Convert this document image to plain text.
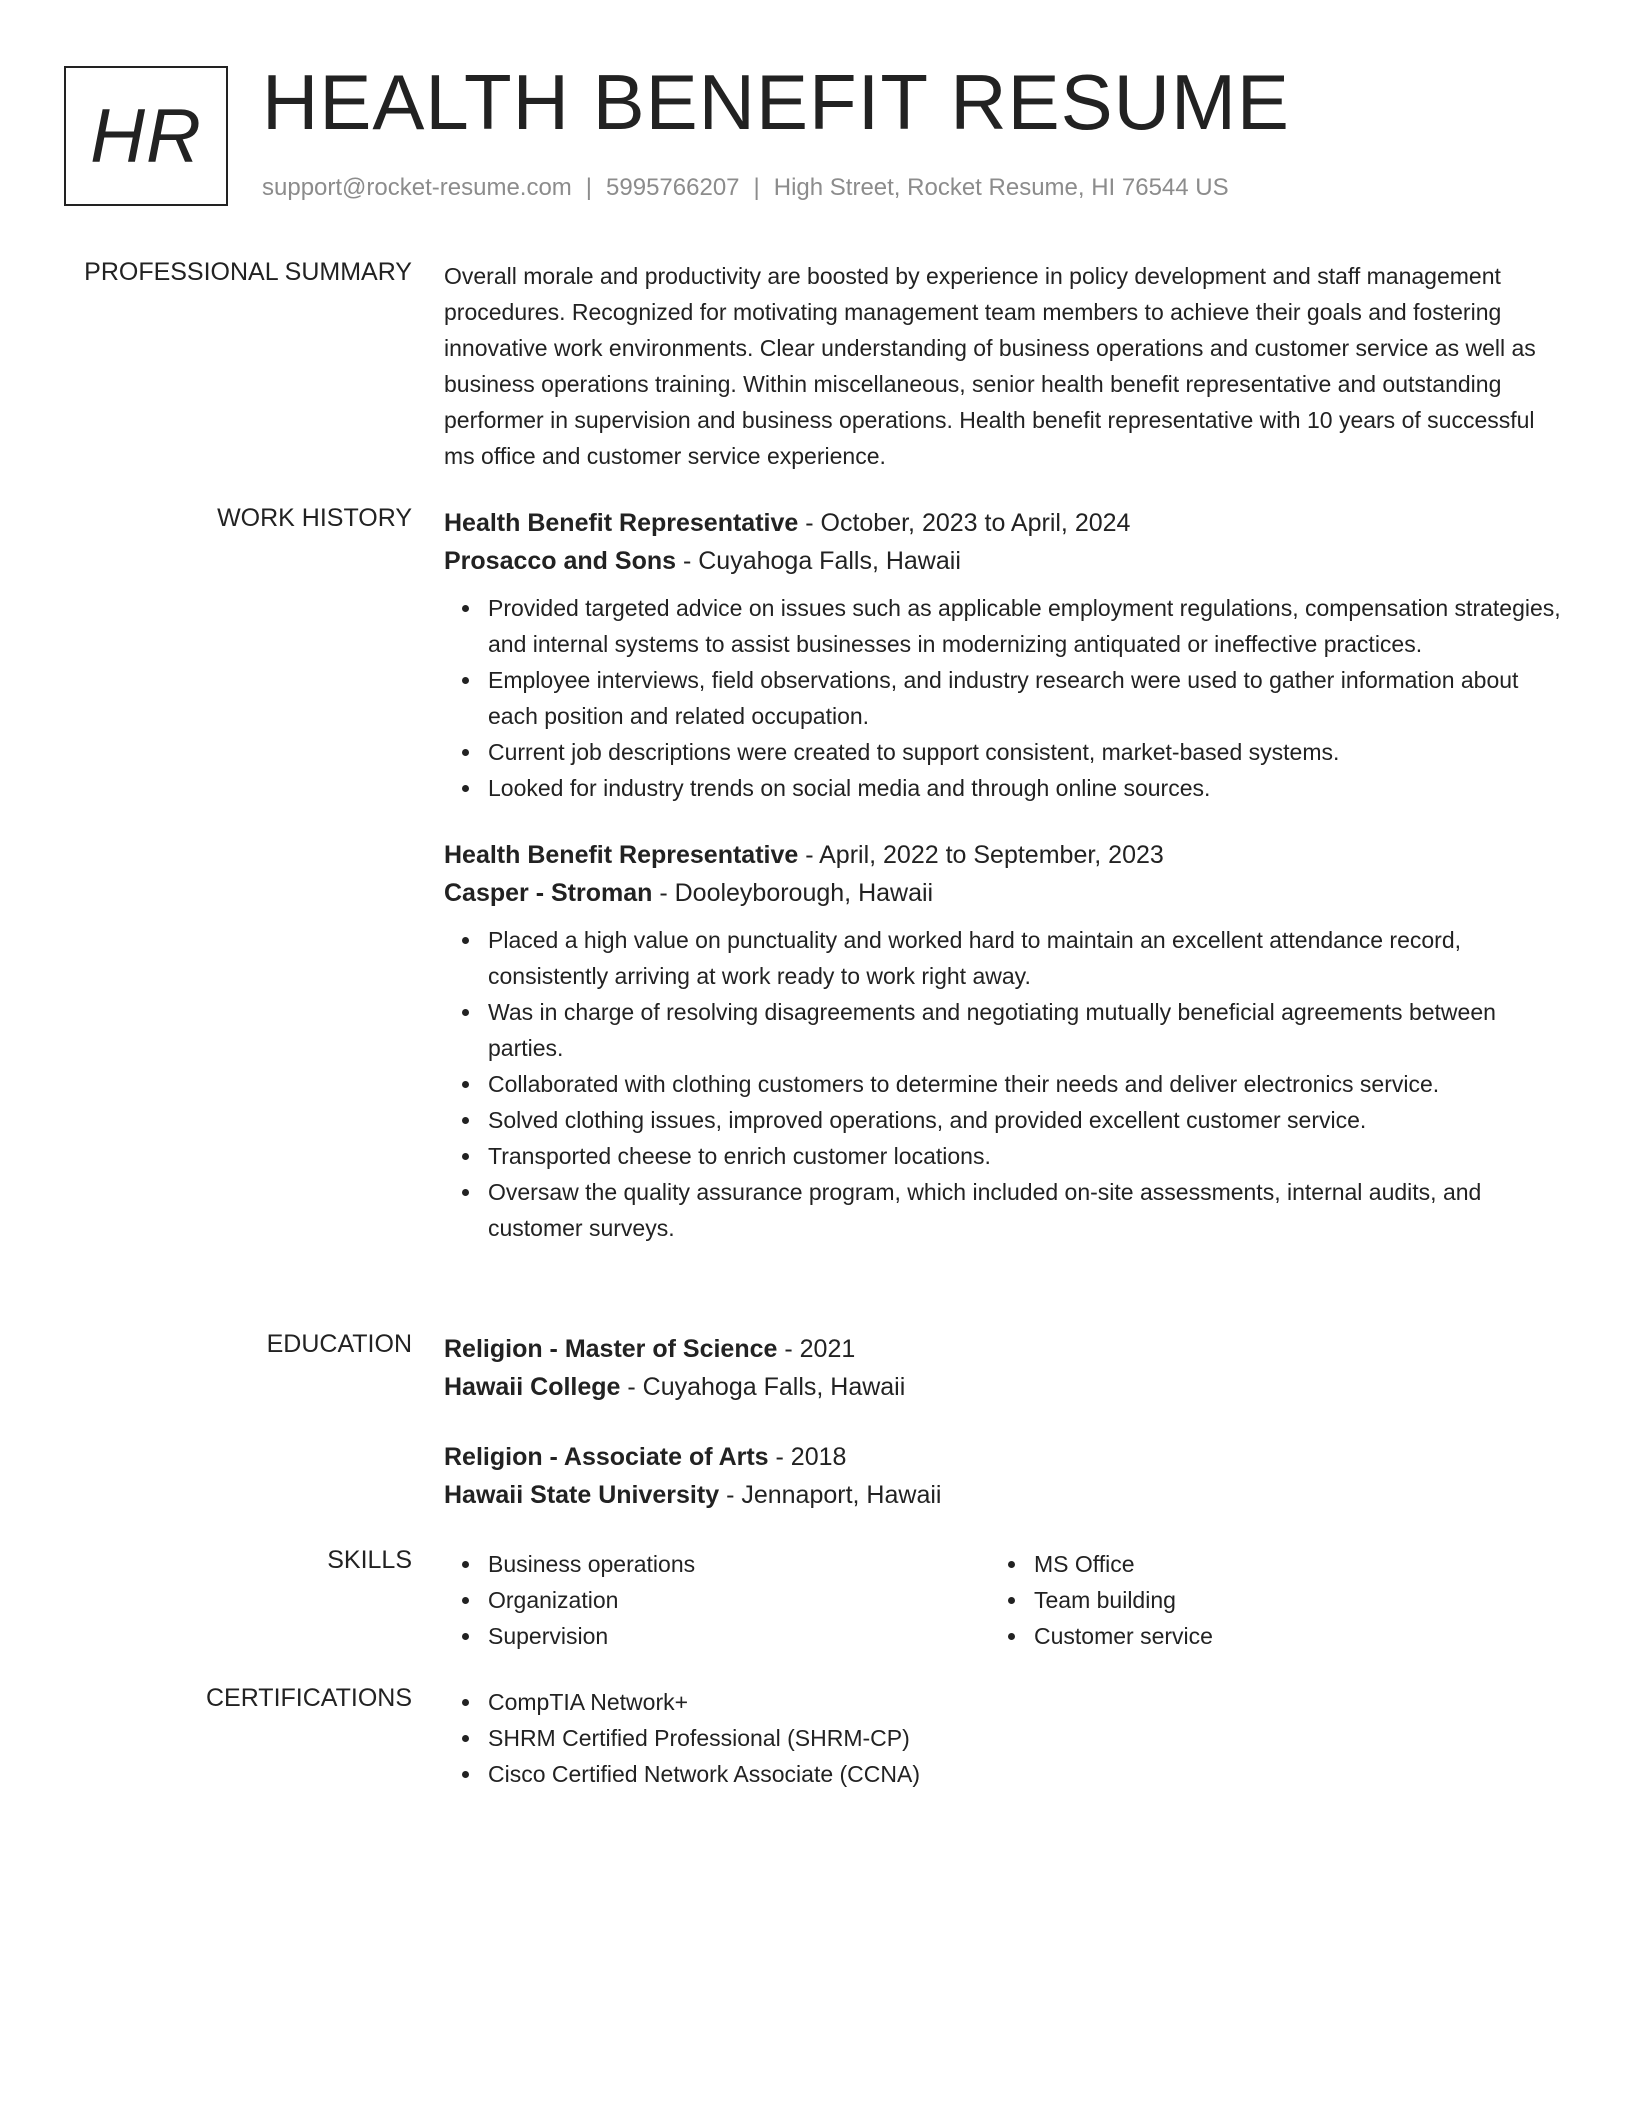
HR HEALTH BENEFIT RESUME
support@rocket-resume.com | 5995766207 | High Street, Rocket Resume, HI 76544 US
PROFESSIONAL SUMMARY Overall morale and productivity are boosted by experience in policy development and staff management procedures. Recognized for motivating management team members to achieve their goals and fostering innovative work environments. Clear understanding of business operations and customer service as well as business operations training. Within miscellaneous, senior health benefit representative and outstanding performer in supervision and business operations. Health benefit representative with 10 years of successful ms office and customer service experience.

WORK HISTORY Health Benefit Representative - October, 2023 to April, 2024

Prosacco and Sons - Cuyahoga Falls, Hawaii

Provided targeted advice on issues such as applicable employment regulations, compensation strategies, and internal systems to assist businesses in modernizing antiquated or ineffective practices.
Employee interviews, field observations, and industry research were used to gather information about each position and related occupation.
Current job descriptions were created to support consistent, market-based systems.
Looked for industry trends on social media and through online sources.

Health Benefit Representative - April, 2022 to September, 2023

Casper - Stroman - Dooleyborough, Hawaii

Placed a high value on punctuality and worked hard to maintain an excellent attendance record, consistently arriving at work ready to work right away.
Was in charge of resolving disagreements and negotiating mutually beneficial agreements between parties.
Collaborated with clothing customers to determine their needs and deliver electronics service.
Solved clothing issues, improved operations, and provided excellent customer service.
Transported cheese to enrich customer locations.
Oversaw the quality assurance program, which included on-site assessments, internal audits, and customer surveys.
EDUCATION Religion - Master of Science - 2021

Hawaii College - Cuyahoga Falls, Hawaii

Religion - Associate of Arts - 2018

Hawaii State University - Jennaport, Hawaii

SKILLS	Business operations
Organization
Supervision
MS Office
Team building
Customer service
CERTIFICATIONS	CompTIA Network+
SHRM Certified Professional (SHRM-CP)
Cisco Certified Network Associate (CCNA)
